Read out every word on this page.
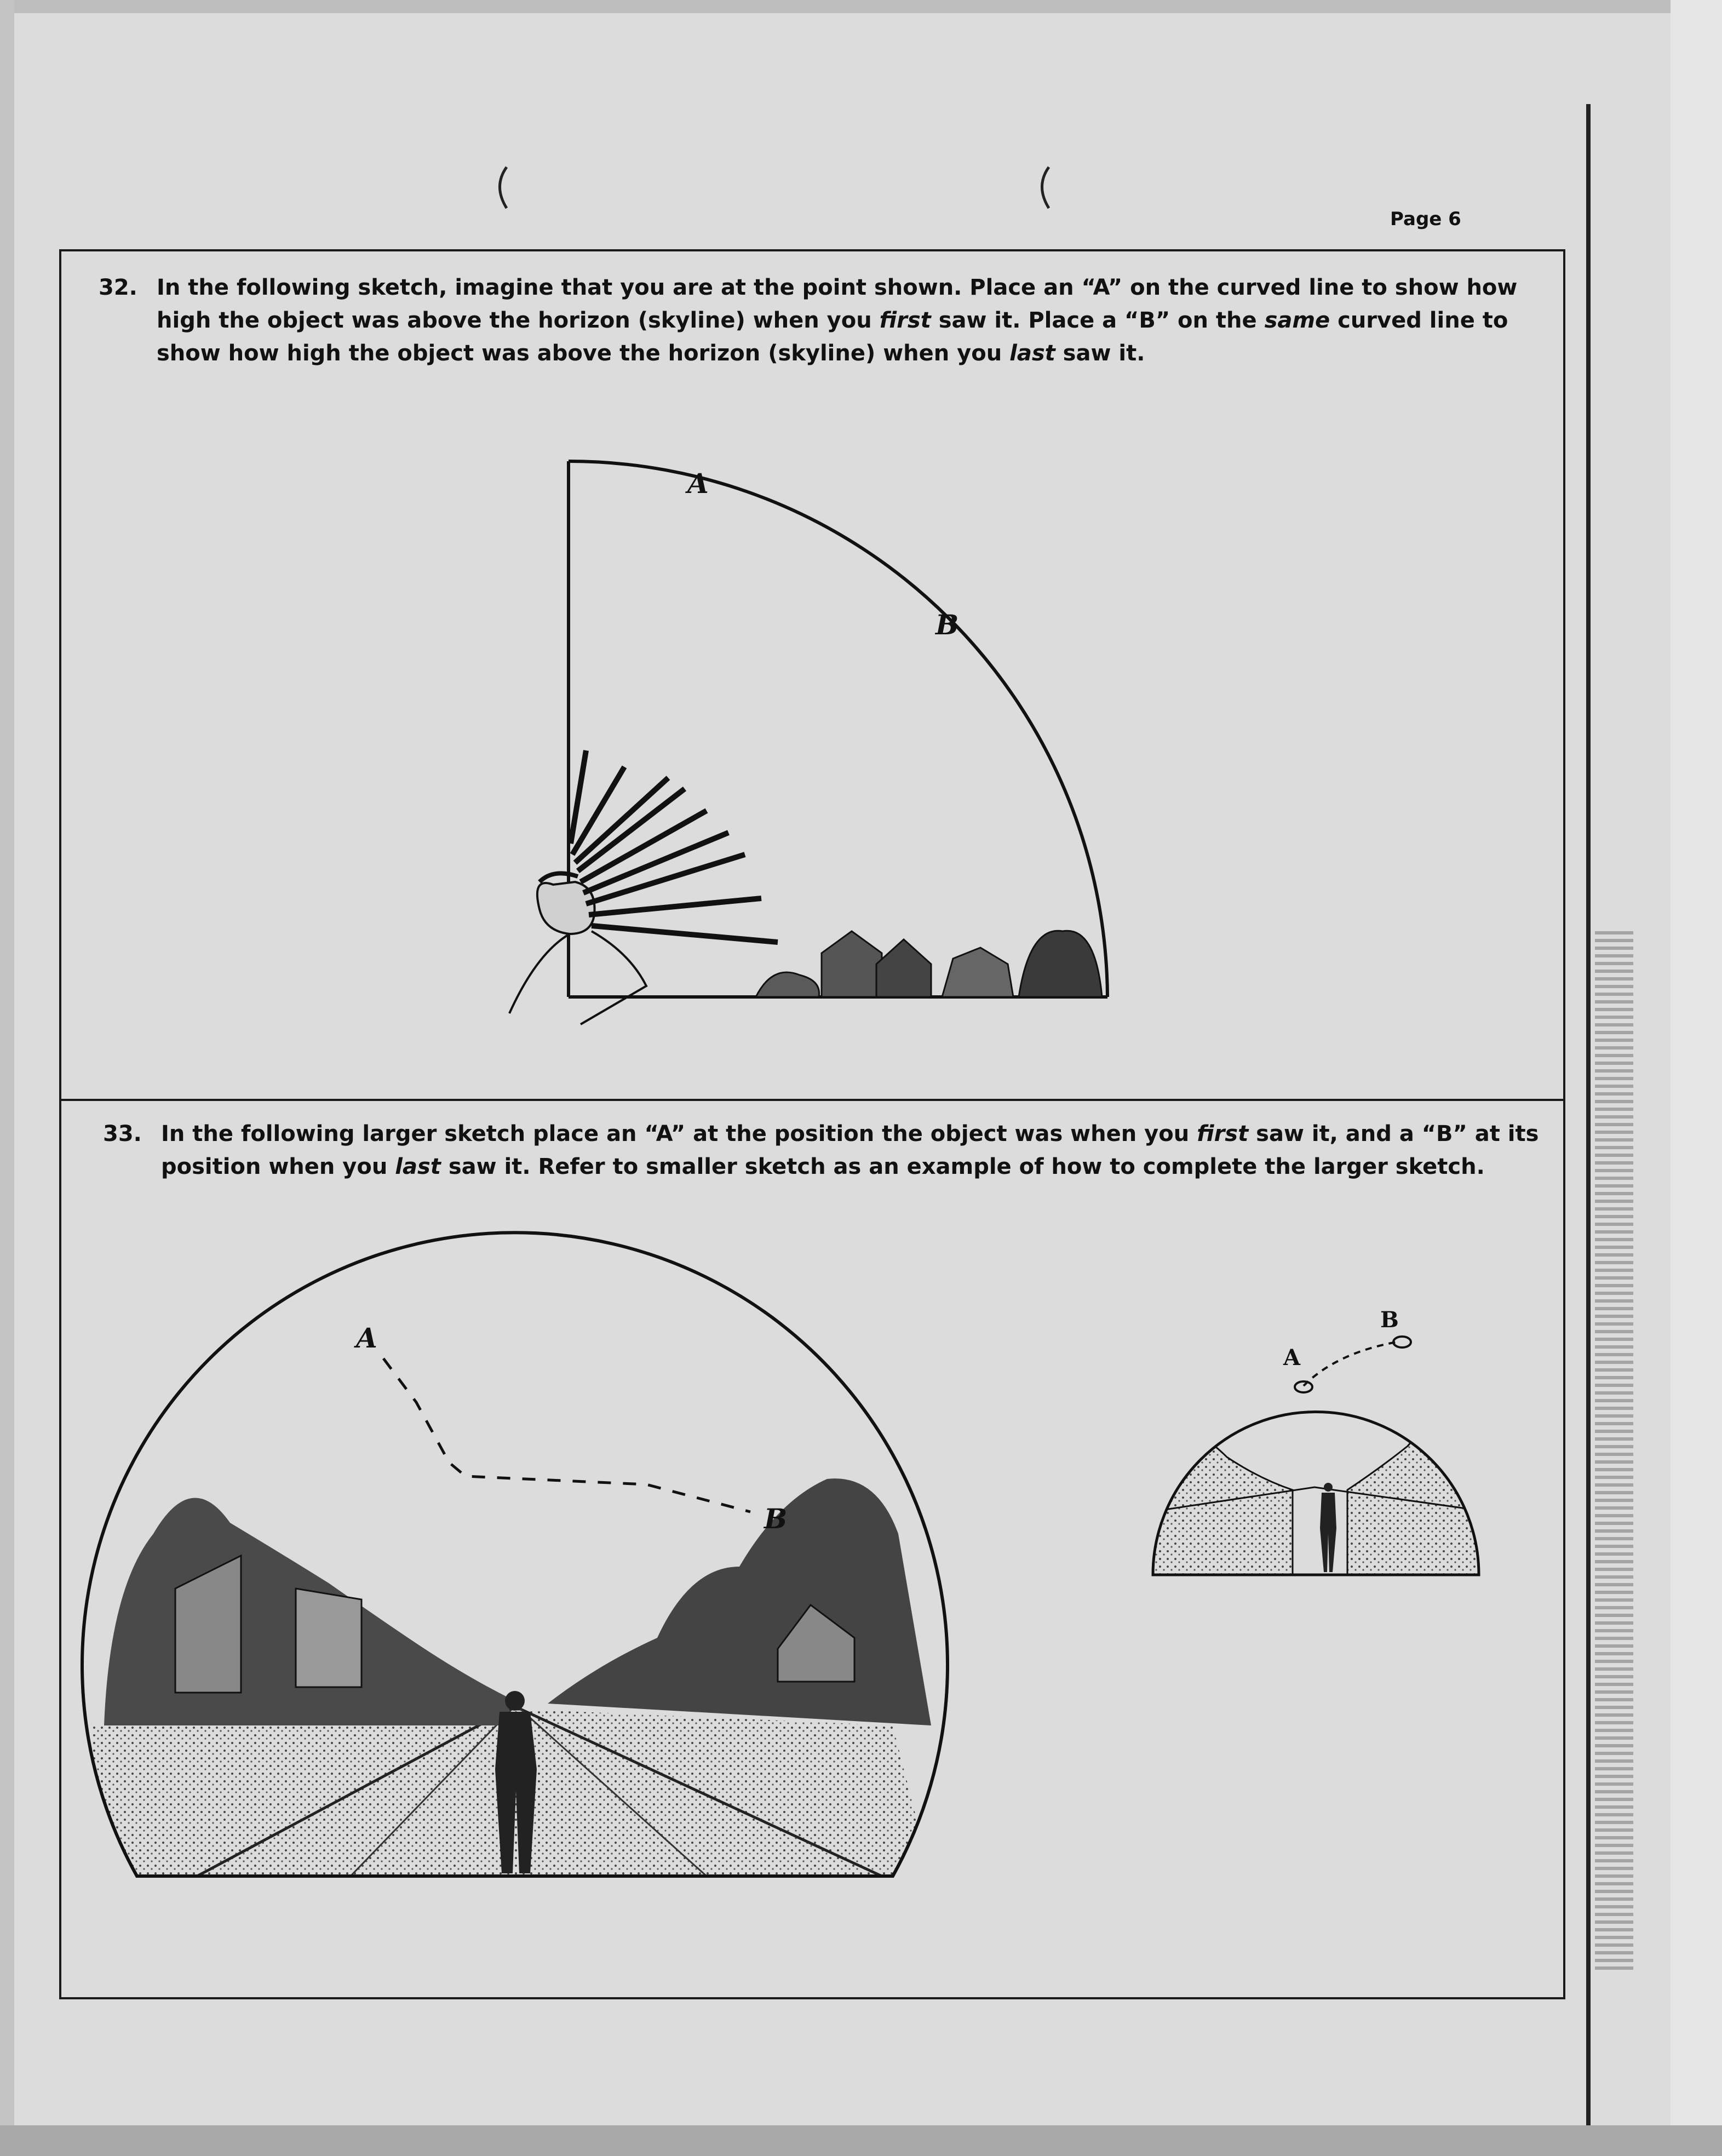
Page 6
32. In the following sketch, imagine that you are at the point shown. Place an “A” on the curved line to show how
high the object was above the horizon (skyline) when you first saw it. Place a “B” on the same curved line to
show how high the object was above the horizon (skyline) when you last saw it.
A
B
33. In the following larger sketch place an “A” at the position the object was when you first saw it, and a “B” at its
position when you last saw it. Refer to smaller sketch as an example of how to complete the larger sketch.
A
B
A
B
